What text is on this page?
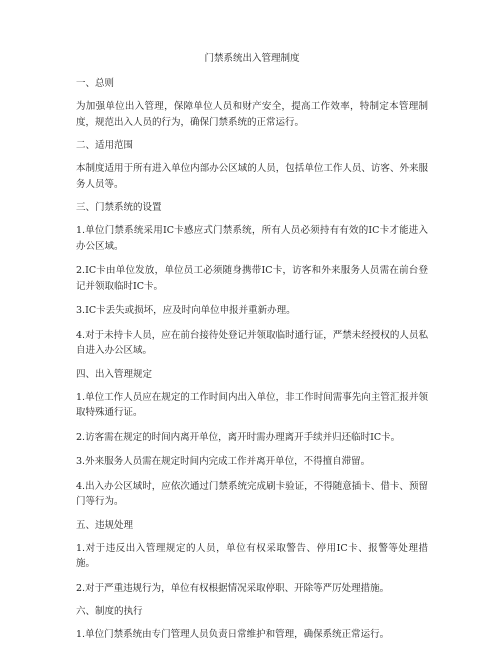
门禁系统出入管理制度
一、总则

为加强单位出入管理，保障单位人员和财产安全，提高工作效率，特制定本管理制度，规范出入人员的行为，确保门禁系统的正常运行。

二、适用范围

本制度适用于所有进入单位内部办公区域的人员，包括单位工作人员、访客、外来服务人员等。

三、门禁系统的设置

1.单位门禁系统采用IC卡感应式门禁系统，所有人员必须持有有效的IC卡才能进入办公区域。

2.IC卡由单位发放，单位员工必须随身携带IC卡，访客和外来服务人员需在前台登记并领取临时IC卡。

3.IC卡丢失或损坏，应及时向单位申报并重新办理。

4.对于未持卡人员，应在前台接待处登记并领取临时通行证，严禁未经授权的人员私自进入办公区域。

四、出入管理规定

1.单位工作人员应在规定的工作时间内出入单位，非工作时间需事先向主管汇报并领取特殊通行证。

2.访客需在规定的时间内离开单位，离开时需办理离开手续并归还临时IC卡。

3.外来服务人员需在规定时间内完成工作并离开单位，不得擅自滞留。

4.出入办公区域时，应依次通过门禁系统完成刷卡验证，不得随意插卡、借卡、预留门等行为。

五、违规处理

1.对于违反出入管理规定的人员，单位有权采取警告、停用IC卡、报警等处理措施。

2.对于严重违规行为，单位有权根据情况采取停职、开除等严厉处理措施。

六、制度的执行

1.单位门禁系统由专门管理人员负责日常维护和管理，确保系统正常运行。
